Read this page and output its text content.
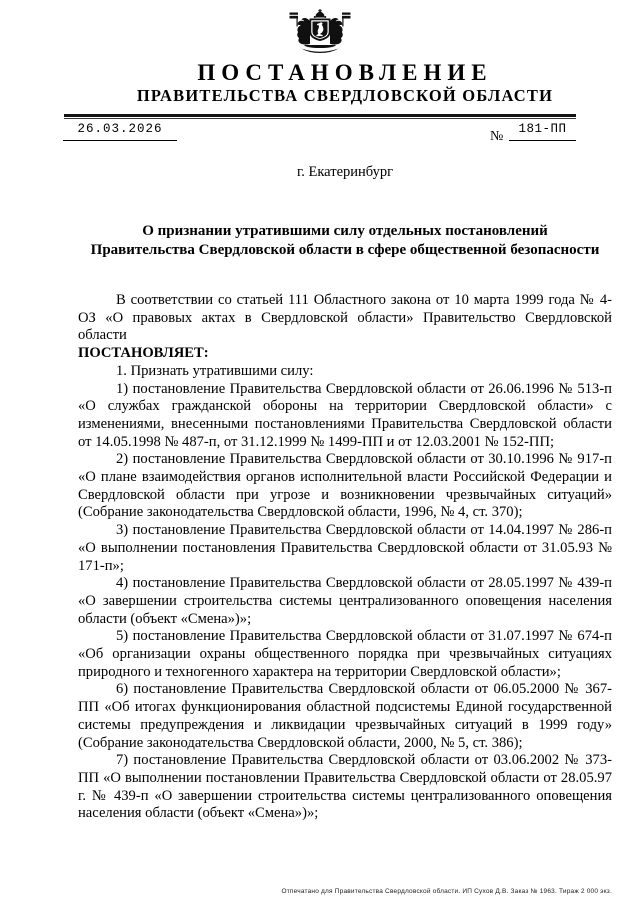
ПОСТАНОВЛЕНИЕ
ПРАВИТЕЛЬСТВА СВЕРДЛОВСКОЙ ОБЛАСТИ
26.03.2026	№	181-ПП
г. Екатеринбург
О признании утратившими силу отдельных постановлений
Правительства Свердловской области в сфере общественной безопасности

В соответствии со статьей 111 Областного закона от 10 марта 1999 года № 4-ОЗ «О правовых актах в Свердловской области» Правительство Свердловской области

ПОСТАНОВЛЯЕТ:

1. Признать утратившими силу:

1) постановление Правительства Свердловской области от 26.06.1996 № 513-п «О службах гражданской обороны на территории Свердловской области» с изменениями, внесенными постановлениями Правительства Свердловской области от 14.05.1998 № 487-п, от 31.12.1999 № 1499-ПП и от 12.03.2001 № 152-ПП;

2) постановление Правительства Свердловской области от 30.10.1996 № 917-п «О плане взаимодействия органов исполнительной власти Российской Федерации и Свердловской области при угрозе и возникновении чрезвычайных ситуаций» (Собрание законодательства Свердловской области, 1996, № 4, ст. 370);

3) постановление Правительства Свердловской области от 14.04.1997 № 286-п «О выполнении постановления Правительства Свердловской области от 31.05.93 № 171-п»;

4) постановление Правительства Свердловской области от 28.05.1997 № 439-п «О завершении строительства системы централизованного оповещения населения области (объект «Смена»)»;

5) постановление Правительства Свердловской области от 31.07.1997 № 674-п «Об организации охраны общественного порядка при чрезвычайных ситуациях природного и техногенного характера на территории Свердловской области»;

6) постановление Правительства Свердловской области от 06.05.2000 № 367-ПП «Об итогах функционирования областной подсистемы Единой государственной системы предупреждения и ликвидации чрезвычайных ситуаций в 1999 году» (Собрание законодательства Свердловской области, 2000, № 5, ст. 386);

7) постановление Правительства Свердловской области от 03.06.2002 № 373-ПП «О выполнении постановлении Правительства Свердловской области от 28.05.97 г. № 439-п «О завершении строительства системы централизованного оповещения населения области (объект «Смена»)»;

Отпечатано для Правительства Свердловской области. ИП Сухов Д.В. Заказ № 1963. Тираж 2 000 экз.
